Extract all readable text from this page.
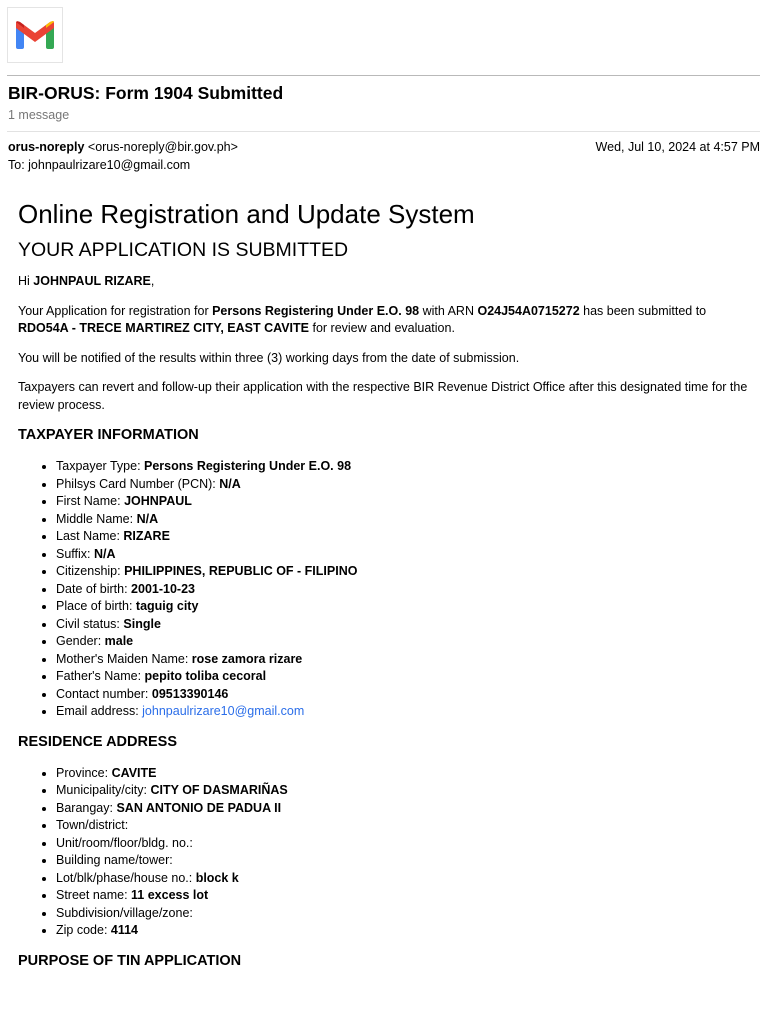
BIR-ORUS: Form 1904 Submitted
1 message
orus-noreply <orus-noreply@bir.gov.ph>	Wed, Jul 10, 2024 at 4:57 PM
To: johnpaulrizare10@gmail.com
Online Registration and Update System
YOUR APPLICATION IS SUBMITTED

Hi JOHNPAUL RIZARE,

Your Application for registration for Persons Registering Under E.O. 98 with ARN O24J54A0715272 has been submitted to RDO54A - TRECE MARTIREZ CITY, EAST CAVITE for review and evaluation.

You will be notified of the results within three (3) working days from the date of submission.

Taxpayers can revert and follow-up their application with the respective BIR Revenue District Office after this designated time for the review process.

TAXPAYER INFORMATION
• Taxpayer Type: Persons Registering Under E.O. 98
• Philsys Card Number (PCN): N/A
• First Name: JOHNPAUL
• Middle Name: N/A
• Last Name: RIZARE
• Suffix: N/A
• Citizenship: PHILIPPINES, REPUBLIC OF - FILIPINO
• Date of birth: 2001-10-23
• Place of birth: taguig city
• Civil status: Single
• Gender: male
• Mother's Maiden Name: rose zamora rizare
• Father's Name: pepito toliba cecoral
• Contact number: 09513390146
• Email address: johnpaulrizare10@gmail.com
RESIDENCE ADDRESS
• Province: CAVITE
• Municipality/city: CITY OF DASMARIÑAS
• Barangay: SAN ANTONIO DE PADUA II
• Town/district:
• Unit/room/floor/bldg. no.:
• Building name/tower:
• Lot/blk/phase/house no.: block k
• Street name: 11 excess lot
• Subdivision/village/zone:
• Zip code: 4114
PURPOSE OF TIN APPLICATION
